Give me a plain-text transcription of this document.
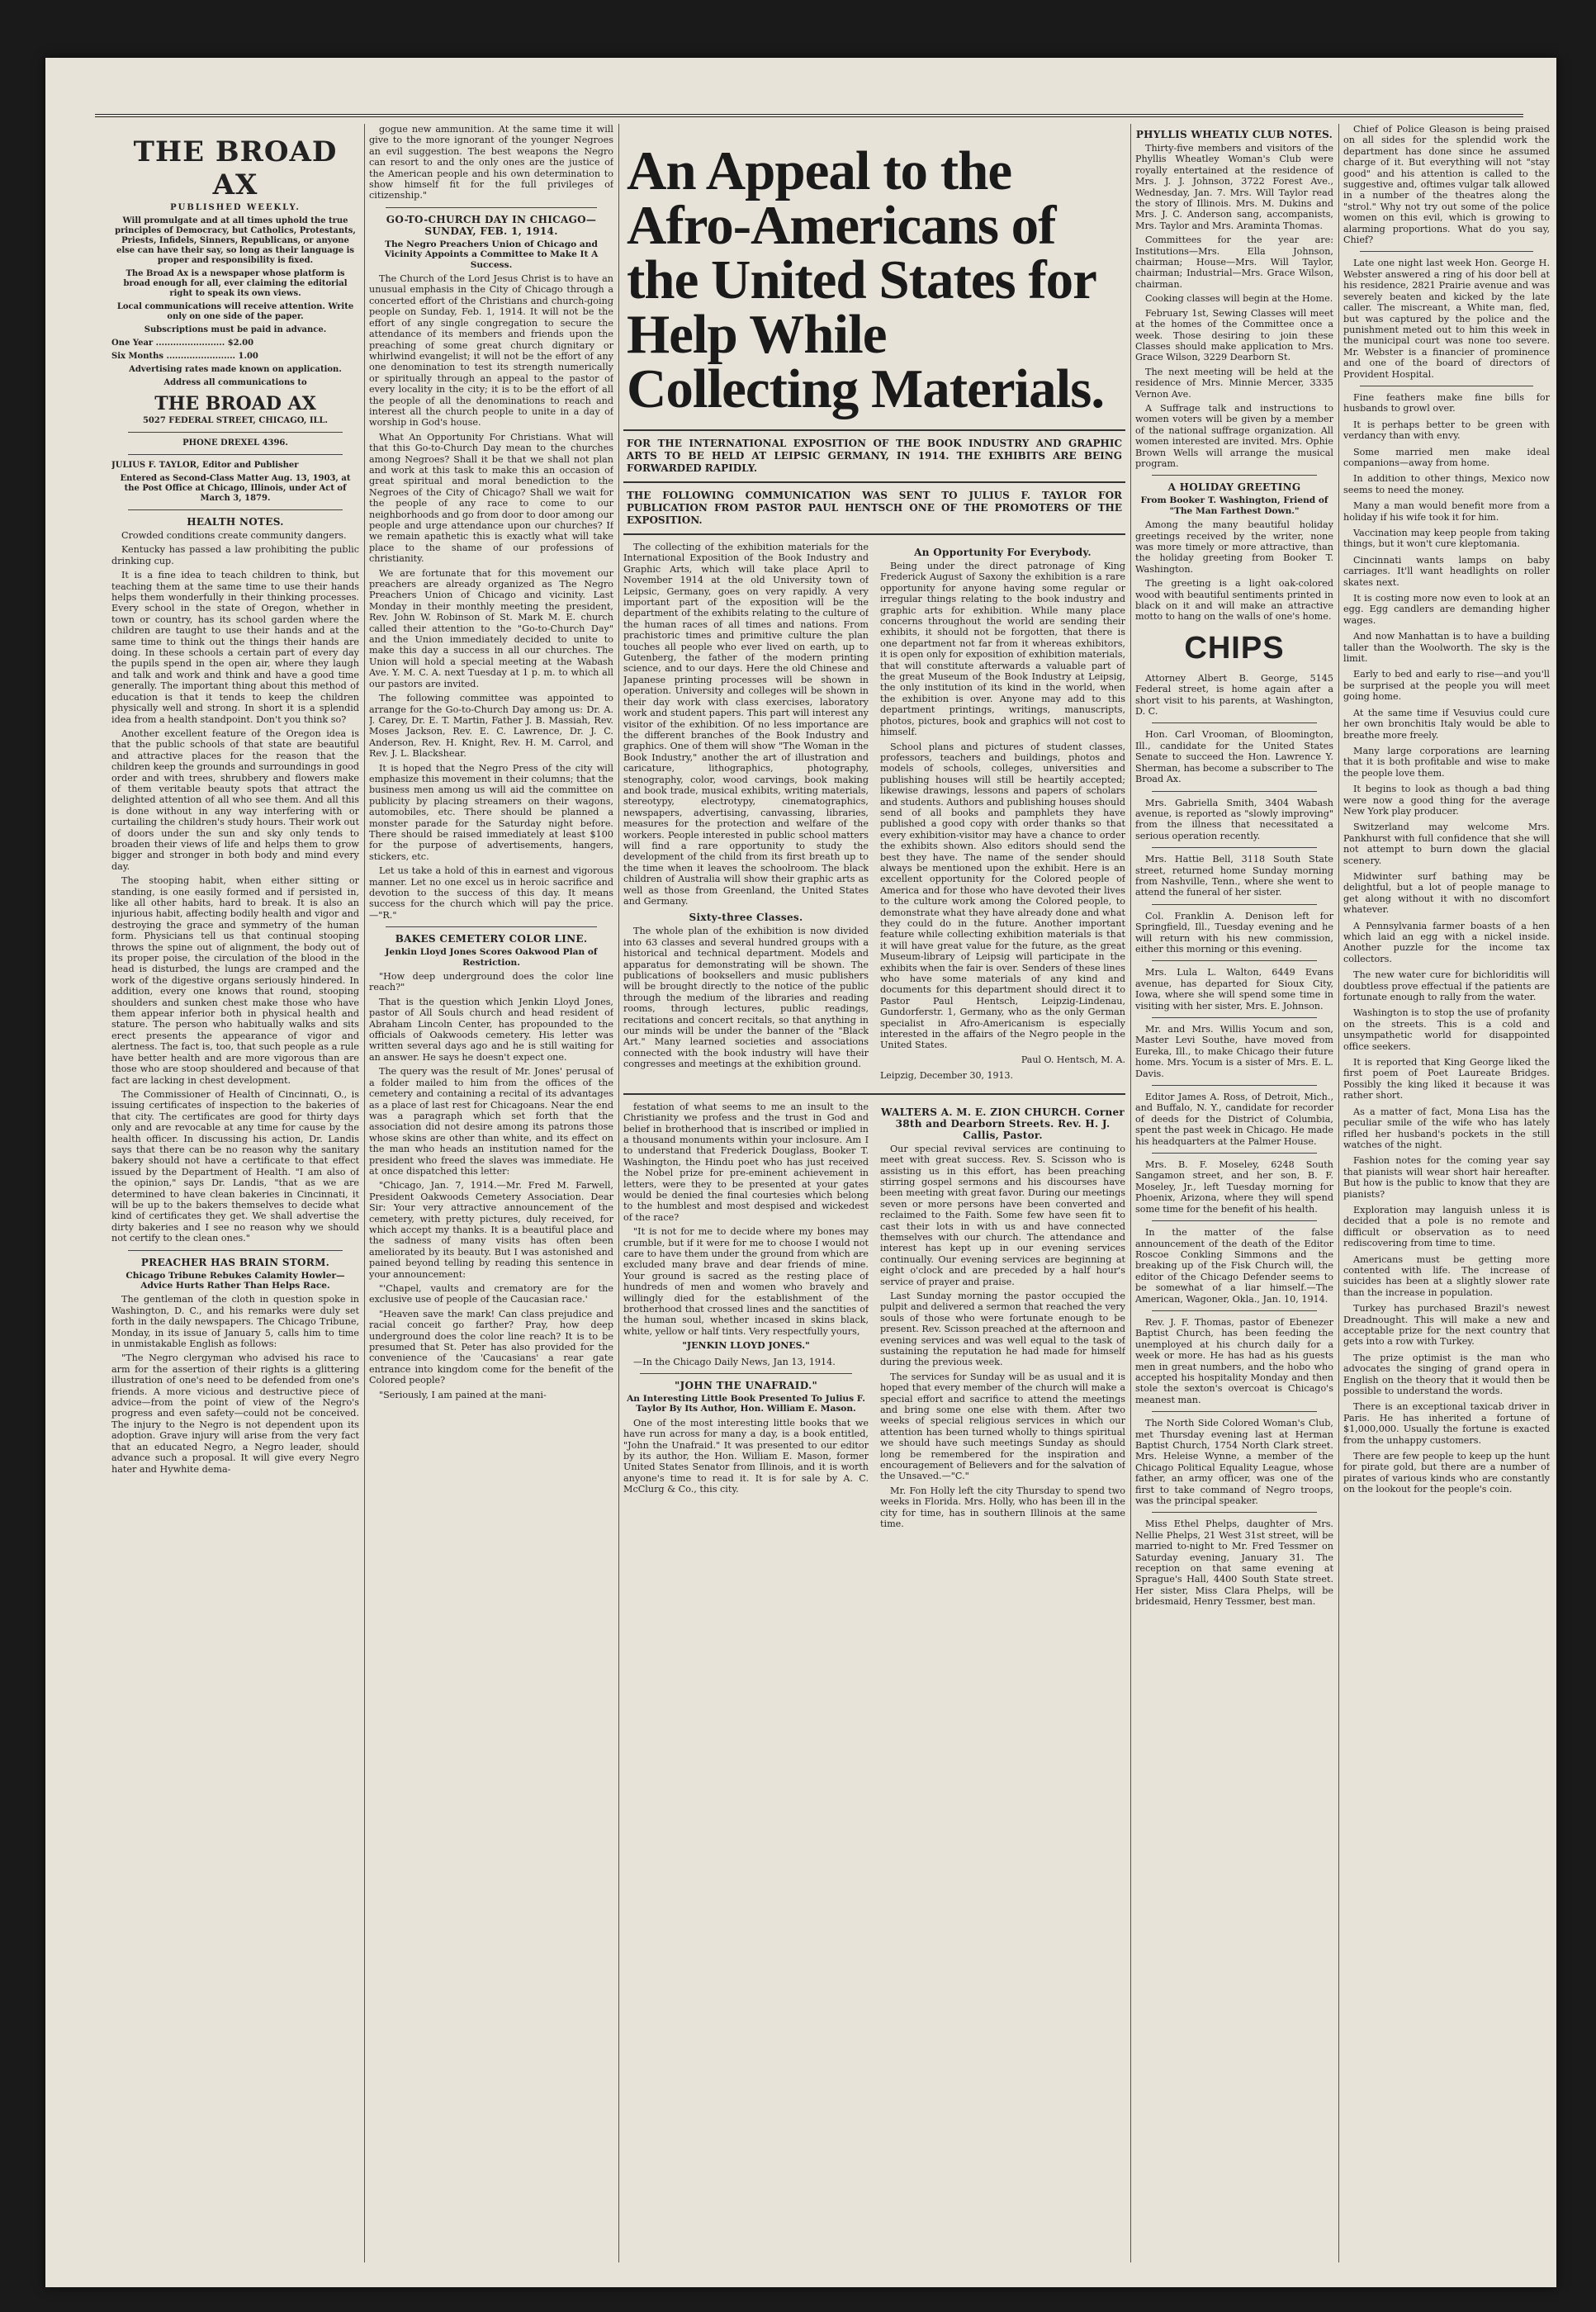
THE BROAD AX
PUBLISHED WEEKLY.

Will promulgate and at all times uphold the true principles of Democracy, but Catholics, Protestants, Priests, Infidels, Sinners, Republicans, or anyone else can have their say, so long as their language is proper and responsibility is fixed.

The Broad Ax is a newspaper whose platform is broad enough for all, ever claiming the editorial right to speak its own views.

Local communications will receive attention. Write only on one side of the paper.

Subscriptions must be paid in advance.

One Year ........................ $2.00

Six Months ........................ 1.00

Advertising rates made known on application.

Address all communications to

THE BROAD AX

5027 FEDERAL STREET, CHICAGO, ILL.

PHONE DREXEL 4396.

JULIUS F. TAYLOR, Editor and Publisher

Entered as Second-Class Matter Aug. 13, 1903, at the Post Office at Chicago, Illinois, under Act of March 3, 1879.

HEALTH NOTES.

Crowded conditions create community dangers.

Kentucky has passed a law prohibiting the public drinking cup.

It is a fine idea to teach children to think, but teaching them at the same time to use their hands helps them wonderfully in their thinking processes. Every school in the state of Oregon, whether in town or country, has its school garden where the children are taught to use their hands and at the same time to think out the things their hands are doing. In these schools a certain part of every day the pupils spend in the open air, where they laugh and talk and work and think and have a good time generally. The important thing about this method of education is that it tends to keep the children physically well and strong. In short it is a splendid idea from a health standpoint. Don't you think so?

Another excellent feature of the Oregon idea is that the public schools of that state are beautiful and attractive places for the reason that the children keep the grounds and surroundings in good order and with trees, shrubbery and flowers make of them veritable beauty spots that attract the delighted attention of all who see them. And all this is done without in any way interfering with or curtailing the children's study hours. Their work out of doors under the sun and sky only tends to broaden their views of life and helps them to grow bigger and stronger in both body and mind every day.

The stooping habit, when either sitting or standing, is one easily formed and if persisted in, like all other habits, hard to break. It is also an injurious habit, affecting bodily health and vigor and destroying the grace and symmetry of the human form. Physicians tell us that continual stooping throws the spine out of alignment, the body out of its proper poise, the circulation of the blood in the head is disturbed, the lungs are cramped and the work of the digestive organs seriously hindered. In addition, every one knows that round, stooping shoulders and sunken chest make those who have them appear inferior both in physical health and stature. The person who habitually walks and sits erect presents the appearance of vigor and alertness. The fact is, too, that such people as a rule have better health and are more vigorous than are those who are stoop shouldered and because of that fact are lacking in chest development.

The Commissioner of Health of Cincinnati, O., is issuing certificates of inspection to the bakeries of that city. The certificates are good for thirty days only and are revocable at any time for cause by the health officer. In discussing his action, Dr. Landis says that there can be no reason why the sanitary bakery should not have a certificate to that effect issued by the Department of Health. "I am also of the opinion," says Dr. Landis, "that as we are determined to have clean bakeries in Cincinnati, it will be up to the bakers themselves to decide what kind of certificates they get. We shall advertise the dirty bakeries and I see no reason why we should not certify to the clean ones."

PREACHER HAS BRAIN STORM.
Chicago Tribune Rebukes Calamity Howler—Advice Hurts Rather Than Helps Race.

The gentleman of the cloth in question spoke in Washington, D. C., and his remarks were duly set forth in the daily newspapers. The Chicago Tribune, Monday, in its issue of January 5, calls him to time in unmistakable English as follows:

"The Negro clergyman who advised his race to arm for the assertion of their rights is a glittering illustration of one's need to be defended from one's friends. A more vicious and destructive piece of advice—from the point of view of the Negro's progress and even safety—could not be conceived. The injury to the Negro is not dependent upon its adoption. Grave injury will arise from the very fact that an educated Negro, a Negro leader, should advance such a proposal. It will give every Negro hater and Hywhite dema-

gogue new ammunition. At the same time it will give to the more ignorant of the younger Negroes an evil suggestion. The best weapons the Negro can resort to and the only ones are the justice of the American people and his own determination to show himself fit for the full privileges of citizenship."

GO-TO-CHURCH DAY IN CHICAGO—SUNDAY, FEB. 1, 1914.
The Negro Preachers Union of Chicago and Vicinity Appoints a Committee to Make It A Success.

The Church of the Lord Jesus Christ is to have an unusual emphasis in the City of Chicago through a concerted effort of the Christians and church-going people on Sunday, Feb. 1, 1914. It will not be the effort of any single congregation to secure the attendance of its members and friends upon the preaching of some great church dignitary or whirlwind evangelist; it will not be the effort of any one denomination to test its strength numerically or spiritually through an appeal to the pastor of every locality in the city; it is to be the effort of all the people of all the denominations to reach and interest all the church people to unite in a day of worship in God's house.

What An Opportunity For Christians. What will that this Go-to-Church Day mean to the churches among Negroes? Shall it be that we shall not plan and work at this task to make this an occasion of great spiritual and moral benediction to the Negroes of the City of Chicago? Shall we wait for the people of any race to come to our neighborhoods and go from door to door among our people and urge attendance upon our churches? If we remain apathetic this is exactly what will take place to the shame of our professions of christianity.

We are fortunate that for this movement our preachers are already organized as The Negro Preachers Union of Chicago and vicinity. Last Monday in their monthly meeting the president, Rev. John W. Robinson of St. Mark M. E. church called their attention to the "Go-to-Church Day" and the Union immediately decided to unite to make this day a success in all our churches. The Union will hold a special meeting at the Wabash Ave. Y. M. C. A. next Tuesday at 1 p. m. to which all our pastors are invited.

The following committee was appointed to arrange for the Go-to-Church Day among us: Dr. A. J. Carey, Dr. E. T. Martin, Father J. B. Massiah, Rev. Moses Jackson, Rev. E. C. Lawrence, Dr. J. C. Anderson, Rev. H. Knight, Rev. H. M. Carrol, and Rev. J. L. Blackshear.

It is hoped that the Negro Press of the city will emphasize this movement in their columns; that the business men among us will aid the committee on publicity by placing streamers on their wagons, automobiles, etc. There should be planned a monster parade for the Saturday night before. There should be raised immediately at least $100 for the purpose of advertisements, hangers, stickers, etc.

Let us take a hold of this in earnest and vigorous manner. Let no one excel us in heroic sacrifice and devotion to the success of this day. It means success for the church which will pay the price.—"R."

BAKES CEMETERY COLOR LINE.
Jenkin Lloyd Jones Scores Oakwood Plan of Restriction.

"How deep underground does the color line reach?"

That is the question which Jenkin Lloyd Jones, pastor of All Souls church and head resident of Abraham Lincoln Center, has propounded to the officials of Oakwoods cemetery. His letter was written several days ago and he is still waiting for an answer. He says he doesn't expect one.

The query was the result of Mr. Jones' perusal of a folder mailed to him from the offices of the cemetery and containing a recital of its advantages as a place of last rest for Chicagoans. Near the end was a paragraph which set forth that the association did not desire among its patrons those whose skins are other than white, and its effect on the man who heads an institution named for the president who freed the slaves was immediate. He at once dispatched this letter:

"Chicago, Jan. 7, 1914.—Mr. Fred M. Farwell, President Oakwoods Cemetery Association. Dear Sir: Your very attractive announcement of the cemetery, with pretty pictures, duly received, for which accept my thanks. It is a beautiful place and the sadness of many visits has often been ameliorated by its beauty. But I was astonished and pained beyond telling by reading this sentence in your announcement:

"'Chapel, vaults and crematory are for the exclusive use of people of the Caucasian race.'

"Heaven save the mark! Can class prejudice and racial conceit go farther? Pray, how deep underground does the color line reach? It is to be presumed that St. Peter has also provided for the convenience of the 'Caucasians' a rear gate entrance into kingdom come for the benefit of the Colored people?

"Seriously, I am pained at the mani-

An Appeal to the Afro-Americans of the United States for Help While Collecting Materials.

FOR THE INTERNATIONAL EXPOSITION OF THE BOOK INDUSTRY AND GRAPHIC ARTS TO BE HELD AT LEIPSIC GERMANY, IN 1914. THE EXHIBITS ARE BEING FORWARDED RAPIDLY.

THE FOLLOWING COMMUNICATION WAS SENT TO JULIUS F. TAYLOR FOR PUBLICATION FROM PASTOR PAUL HENTSCH ONE OF THE PROMOTERS OF THE EXPOSITION.

The collecting of the exhibition materials for the International Exposition of the Book Industry and Graphic Arts, which will take place April to November 1914 at the old University town of Leipsic, Germany, goes on very rapidly. A very important part of the exposition will be the department of the exhibits relating to the culture of the human races of all times and nations. From prachistoric times and primitive culture the plan touches all people who ever lived on earth, up to Gutenberg, the father of the modern printing science, and to our days. Here the old Chinese and Japanese printing processes will be shown in operation. University and colleges will be shown in their day work with class exercises, laboratory work and student papers. This part will interest any visitor of the exhibition. Of no less importance are the different branches of the Book Industry and graphics. One of them will show "The Woman in the Book Industry," another the art of illustration and caricature, lithographics, photography, stenography, color, wood carvings, book making and book trade, musical exhibits, writing materials, stereotypy, electrotypy, cinematographics, newspapers, advertising, canvassing, libraries, measures for the protection and welfare of the workers. People interested in public school matters will find a rare opportunity to study the development of the child from its first breath up to the time when it leaves the schoolroom. The black children of Australia will show their graphic arts as well as those from Greenland, the United States and Germany.

Sixty-three Classes.

The whole plan of the exhibition is now divided into 63 classes and several hundred groups with a historical and technical department. Models and apparatus for demonstrating will be shown. The publications of booksellers and music publishers will be brought directly to the notice of the public through the medium of the libraries and reading rooms, through lectures, public readings, recitations and concert recitals, so that anything in our minds will be under the banner of the "Black Art." Many learned societies and associations connected with the book industry will have their congresses and meetings at the exhibition ground.

An Opportunity For Everybody.

Being under the direct patronage of King Frederick August of Saxony the exhibition is a rare opportunity for anyone having some regular or irregular things relating to the book industry and graphic arts for exhibition. While many place concerns throughout the world are sending their exhibits, it should not be forgotten, that there is one department not far from it whereas exhibitors, it is open only for exposition of exhibition materials, that will constitute afterwards a valuable part of the great Museum of the Book Industry at Leipsig, the only institution of its kind in the world, when the exhibition is over. Anyone may add to this department printings, writings, manuscripts, photos, pictures, book and graphics will not cost to himself.

School plans and pictures of student classes, professors, teachers and buildings, photos and models of schools, colleges, universities and publishing houses will still be heartily accepted; likewise drawings, lessons and papers of scholars and students. Authors and publishing houses should send of all books and pamphlets they have published a good copy with order thanks so that every exhibition-visitor may have a chance to order the exhibits shown. Also editors should send the best they have. The name of the sender should always be mentioned upon the exhibit. Here is an excellent opportunity for the Colored people of America and for those who have devoted their lives to the culture work among the Colored people, to demonstrate what they have already done and what they could do in the future. Another important feature while collecting exhibition materials is that it will have great value for the future, as the great Museum-library of Leipsig will participate in the exhibits when the fair is over. Senders of these lines who have some materials of any kind and documents for this department should direct it to Pastor Paul Hentsch, Leipzig-Lindenau, Gundorferstr. 1, Germany, who as the only German specialist in Afro-Americanism is especially interested in the affairs of the Negro people in the United States.

Paul O. Hentsch, M. A.

Leipzig, December 30, 1913.

festation of what seems to me an insult to the Christianity we profess and the trust in God and belief in brotherhood that is inscribed or implied in a thousand monuments within your inclosure. Am I to understand that Frederick Douglass, Booker T. Washington, the Hindu poet who has just received the Nobel prize for pre-eminent achievement in letters, were they to be presented at your gates would be denied the final courtesies which belong to the humblest and most despised and wickedest of the race?

"It is not for me to decide where my bones may crumble, but if it were for me to choose I would not care to have them under the ground from which are excluded many brave and dear friends of mine. Your ground is sacred as the resting place of hundreds of men and women who bravely and willingly died for the establishment of the brotherhood that crossed lines and the sanctities of the human soul, whether incased in skins black, white, yellow or half tints. Very respectfully yours,

"JENKIN LLOYD JONES."

—In the Chicago Daily News, Jan 13, 1914.

"JOHN THE UNAFRAID."
An Interesting Little Book Presented To Julius F. Taylor By Its Author, Hon. William E. Mason.

One of the most interesting little books that we have run across for many a day, is a book entitled, "John the Unafraid." It was presented to our editor by its author, the Hon. William E. Mason, former United States Senator from Illinois, and it is worth anyone's time to read it. It is for sale by A. C. McClurg & Co., this city.

WALTERS A. M. E. ZION CHURCH. Corner 38th and Dearborn Streets. Rev. H. J. Callis, Pastor.

Our special revival services are continuing to meet with great success. Rev. S. Scisson who is assisting us in this effort, has been preaching stirring gospel sermons and his discourses have been meeting with great favor. During our meetings seven or more persons have been converted and reclaimed to the Faith. Some few have seen fit to cast their lots in with us and have connected themselves with our church. The attendance and interest has kept up in our evening services continually. Our evening services are beginning at eight o'clock and are preceded by a half hour's service of prayer and praise.

Last Sunday morning the pastor occupied the pulpit and delivered a sermon that reached the very souls of those who were fortunate enough to be present. Rev. Scisson preached at the afternoon and evening services and was well equal to the task of sustaining the reputation he had made for himself during the previous week.

The services for Sunday will be as usual and it is hoped that every member of the church will make a special effort and sacrifice to attend the meetings and bring some one else with them. After two weeks of special religious services in which our attention has been turned wholly to things spiritual we should have such meetings Sunday as should long be remembered for the inspiration and encouragement of Believers and for the salvation of the Unsaved.—"C."

Mr. Fon Holly left the city Thursday to spend two weeks in Florida. Mrs. Holly, who has been ill in the city for time, has in southern Illinois at the same time.

PHYLLIS WHEATLY CLUB NOTES.

Thirty-five members and visitors of the Phyllis Wheatley Woman's Club were royally entertained at the residence of Mrs. J. J. Johnson, 3722 Forest Ave., Wednesday, Jan. 7. Mrs. Will Taylor read the story of Illinois. Mrs. M. Dukins and Mrs. J. C. Anderson sang, accompanists, Mrs. Taylor and Mrs. Araminta Thomas.

Committees for the year are: Institutions—Mrs. Ella Johnson, chairman; House—Mrs. Will Taylor, chairman; Industrial—Mrs. Grace Wilson, chairman.

Cooking classes will begin at the Home.

February 1st, Sewing Classes will meet at the homes of the Committee once a week. Those desiring to join these Classes should make application to Mrs. Grace Wilson, 3229 Dearborn St.

The next meeting will be held at the residence of Mrs. Minnie Mercer, 3335 Vernon Ave.

A Suffrage talk and instructions to women voters will be given by a member of the national suffrage organization. All women interested are invited. Mrs. Ophie Brown Wells will arrange the musical program.

A HOLIDAY GREETING
From Booker T. Washington, Friend of "The Man Farthest Down."

Among the many beautiful holiday greetings received by the writer, none was more timely or more attractive, than the holiday greeting from Booker T. Washington.

The greeting is a light oak-colored wood with beautiful sentiments printed in black on it and will make an attractive motto to hang on the walls of one's home.

CHIPS

Attorney Albert B. George, 5145 Federal street, is home again after a short visit to his parents, at Washington, D. C.

Hon. Carl Vrooman, of Bloomington, Ill., candidate for the United States Senate to succeed the Hon. Lawrence Y. Sherman, has become a subscriber to The Broad Ax.

Mrs. Gabriella Smith, 3404 Wabash avenue, is reported as "slowly improving" from the illness that necessitated a serious operation recently.

Mrs. Hattie Bell, 3118 South State street, returned home Sunday morning from Nashville, Tenn., where she went to attend the funeral of her sister.

Col. Franklin A. Denison left for Springfield, Ill., Tuesday evening and he will return with his new commission, either this morning or this evening.

Mrs. Lula L. Walton, 6449 Evans avenue, has departed for Sioux City, Iowa, where she will spend some time in visiting with her sister, Mrs. E. Johnson.

Mr. and Mrs. Willis Yocum and son, Master Levi Southe, have moved from Eureka, Ill., to make Chicago their future home. Mrs. Yocum is a sister of Mrs. E. L. Davis.

Editor James A. Ross, of Detroit, Mich., and Buffalo, N. Y., candidate for recorder of deeds for the District of Columbia, spent the past week in Chicago. He made his headquarters at the Palmer House.

Mrs. B. F. Moseley, 6248 South Sangamon street, and her son, B. F. Moseley, Jr., left Tuesday morning for Phoenix, Arizona, where they will spend some time for the benefit of his health.

In the matter of the false announcement of the death of the Editor Roscoe Conkling Simmons and the breaking up of the Fisk Church will, the editor of the Chicago Defender seems to be somewhat of a liar himself.—The American, Wagoner, Okla., Jan. 10, 1914.

Rev. J. F. Thomas, pastor of Ebenezer Baptist Church, has been feeding the unemployed at his church daily for a week or more. He has had as his guests men in great numbers, and the hobo who accepted his hospitality Monday and then stole the sexton's overcoat is Chicago's meanest man.

The North Side Colored Woman's Club, met Thursday evening last at Herman Baptist Church, 1754 North Clark street. Mrs. Heleise Wynne, a member of the Chicago Political Equality League, whose father, an army officer, was one of the first to take command of Negro troops, was the principal speaker.

Miss Ethel Phelps, daughter of Mrs. Nellie Phelps, 21 West 31st street, will be married to-night to Mr. Fred Tessmer on Saturday evening, January 31. The reception on that same evening at Sprague's Hall, 4400 South State street. Her sister, Miss Clara Phelps, will be bridesmaid, Henry Tessmer, best man.

Chief of Police Gleason is being praised on all sides for the splendid work the department has done since he assumed charge of it. But everything will not "stay good" and his attention is called to the suggestive and, oftimes vulgar talk allowed in a number of the theatres along the "strol." Why not try out some of the police women on this evil, which is growing to alarming proportions. What do you say, Chief?

Late one night last week Hon. George H. Webster answered a ring of his door bell at his residence, 2821 Prairie avenue and was severely beaten and kicked by the late caller. The miscreant, a White man, fled, but was captured by the police and the punishment meted out to him this week in the municipal court was none too severe. Mr. Webster is a financier of prominence and one of the board of directors of Provident Hospital.

Fine feathers make fine bills for husbands to growl over.

It is perhaps better to be green with verdancy than with envy.

Some married men make ideal companions—away from home.

In addition to other things, Mexico now seems to need the money.

Many a man would benefit more from a holiday if his wife took it for him.

Vaccination may keep people from taking things, but it won't cure kleptomania.

Cincinnati wants lamps on baby carriages. It'll want headlights on roller skates next.

It is costing more now even to look at an egg. Egg candlers are demanding higher wages.

And now Manhattan is to have a building taller than the Woolworth. The sky is the limit.

Early to bed and early to rise—and you'll be surprised at the people you will meet going home.

At the same time if Vesuvius could cure her own bronchitis Italy would be able to breathe more freely.

Many large corporations are learning that it is both profitable and wise to make the people love them.

It begins to look as though a bad thing were now a good thing for the average New York play producer.

Switzerland may welcome Mrs. Pankhurst with full confidence that she will not attempt to burn down the glacial scenery.

Midwinter surf bathing may be delightful, but a lot of people manage to get along without it with no discomfort whatever.

A Pennsylvania farmer boasts of a hen which laid an egg with a nickel inside. Another puzzle for the income tax collectors.

The new water cure for bichloriditis will doubtless prove effectual if the patients are fortunate enough to rally from the water.

Washington is to stop the use of profanity on the streets. This is a cold and unsympathetic world for disappointed office seekers.

It is reported that King George liked the first poem of Poet Laureate Bridges. Possibly the king liked it because it was rather short.

As a matter of fact, Mona Lisa has the peculiar smile of the wife who has lately rifled her husband's pockets in the still watches of the night.

Fashion notes for the coming year say that pianists will wear short hair hereafter. But how is the public to know that they are pianists?

Exploration may languish unless it is decided that a pole is no remote and difficult or observation as to need rediscovering from time to time.

Americans must be getting more contented with life. The increase of suicides has been at a slightly slower rate than the increase in population.

Turkey has purchased Brazil's newest Dreadnought. This will make a new and acceptable prize for the next country that gets into a row with Turkey.

The prize optimist is the man who advocates the singing of grand opera in English on the theory that it would then be possible to understand the words.

There is an exceptional taxicab driver in Paris. He has inherited a fortune of $1,000,000. Usually the fortune is exacted from the unhappy customers.

There are few people to keep up the hunt for pirate gold, but there are a number of pirates of various kinds who are constantly on the lookout for the people's coin.
